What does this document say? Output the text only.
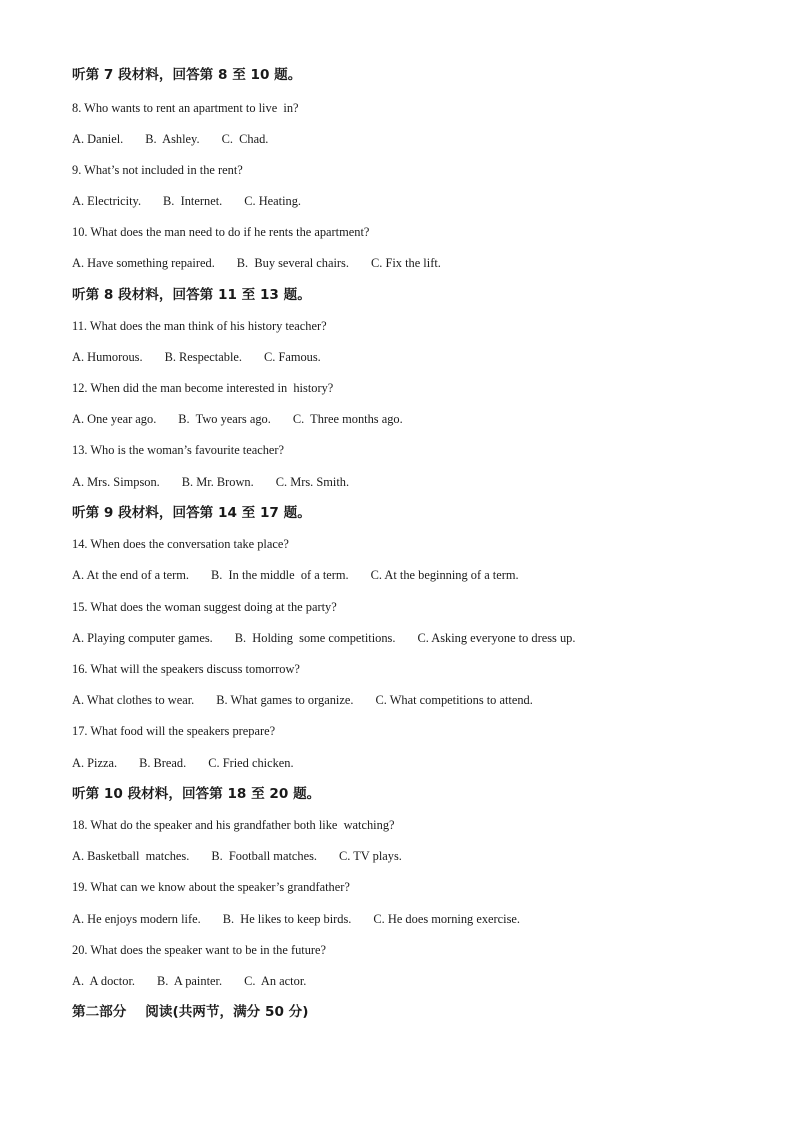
听第 7 段材料，回答第 8 至 10 题。
8. Who wants to rent an apartment to live  in?
A. Daniel. B.  Ashley. C.  Chad.
9. What’s not included in the rent?
A. Electricity. B.  Internet. C. Heating.
10. What does the man need to do if he rents the apartment?
A. Have something repaired. B.  Buy several chairs. C. Fix the lift.
听第 8 段材料，回答第 11 至 13 题。
11. What does the man think of his history teacher?
A. Humorous. B. Respectable. C. Famous.
12. When did the man become interested in  history?
A. One year ago. B.  Two years ago. C.  Three months ago.
13. Who is the woman’s favourite teacher?
A. Mrs. Simpson. B. Mr. Brown. C. Mrs. Smith.
听第 9 段材料，回答第 14 至 17 题。
14. When does the conversation take place?
A. At the end of a term. B.  In the middle  of a term. C. At the beginning of a term.
15. What does the woman suggest doing at the party?
A. Playing computer games. B.  Holding  some competitions. C. Asking everyone to dress up.
16. What will the speakers discuss tomorrow?
A. What clothes to wear. B. What games to organize. C. What competitions to attend.
17. What food will the speakers prepare?
A. Pizza. B. Bread. C. Fried chicken.
听第 10 段材料，回答第 18 至 20 题。
18. What do the speaker and his grandfather both like  watching?
A. Basketball  matches. B.  Football matches. C. TV plays.
19. What can we know about the speaker’s grandfather?
A. He enjoys modern life. B.  He likes to keep birds. C. He does morning exercise.
20. What does the speaker want to be in the future?
A.  A doctor. B.  A painter. C.  An actor.
第二部分    阅读(共两节，满分 50 分)
